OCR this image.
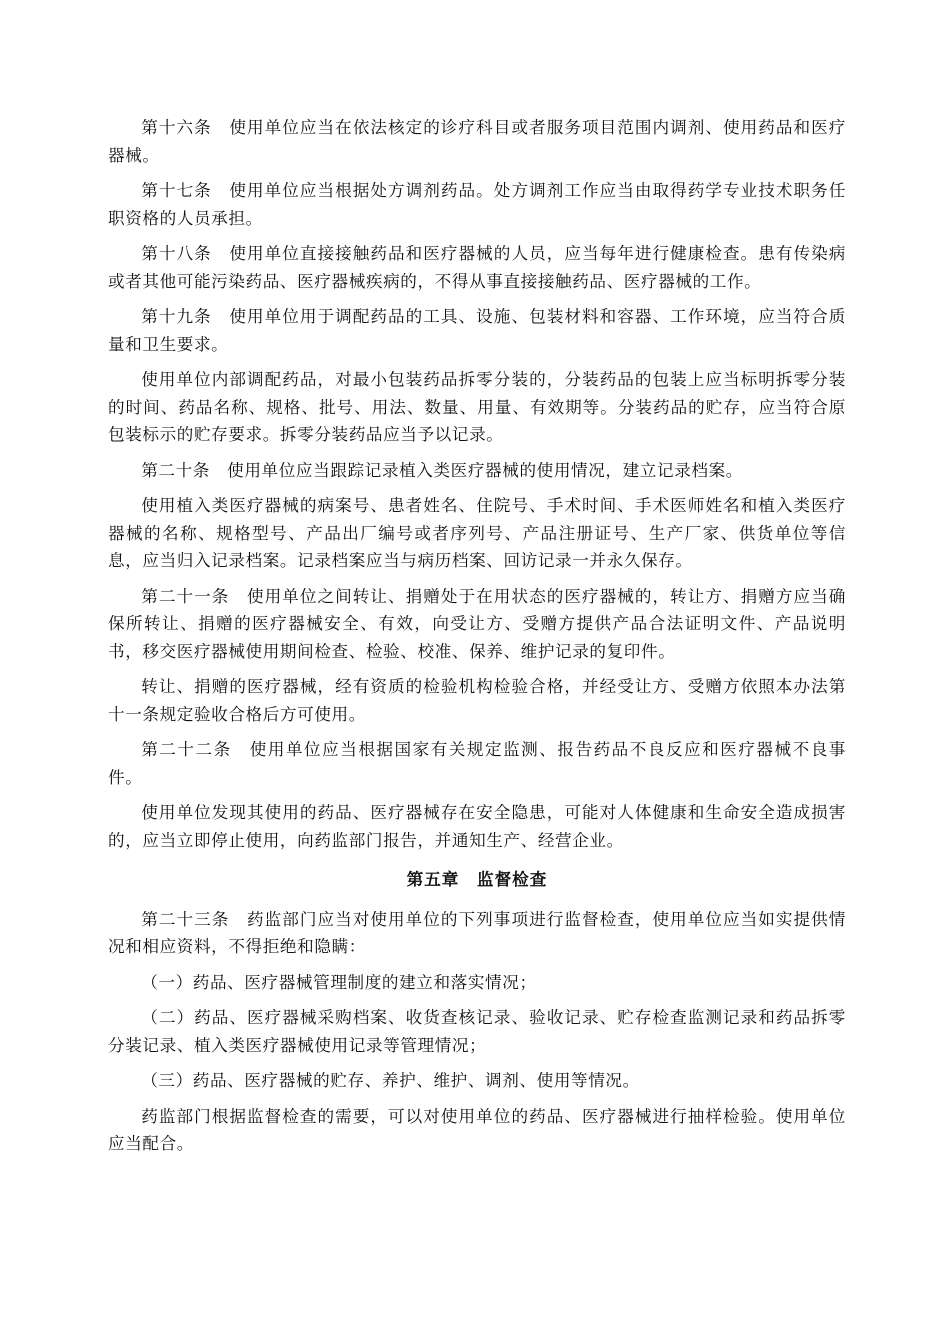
第十六条　使用单位应当在依法核定的诊疗科目或者服务项目范围内调剂、使用药品和医疗器械。

第十七条　使用单位应当根据处方调剂药品。处方调剂工作应当由取得药学专业技术职务任职资格的人员承担。

第十八条　使用单位直接接触药品和医疗器械的人员，应当每年进行健康检查。患有传染病或者其他可能污染药品、医疗器械疾病的，不得从事直接接触药品、医疗器械的工作。

第十九条　使用单位用于调配药品的工具、设施、包装材料和容器、工作环境，应当符合质量和卫生要求。

使用单位内部调配药品，对最小包装药品拆零分装的，分装药品的包装上应当标明拆零分装的时间、药品名称、规格、批号、用法、数量、用量、有效期等。分装药品的贮存，应当符合原包装标示的贮存要求。拆零分装药品应当予以记录。

第二十条　使用单位应当跟踪记录植入类医疗器械的使用情况，建立记录档案。

使用植入类医疗器械的病案号、患者姓名、住院号、手术时间、手术医师姓名和植入类医疗器械的名称、规格型号、产品出厂编号或者序列号、产品注册证号、生产厂家、供货单位等信息，应当归入记录档案。记录档案应当与病历档案、回访记录一并永久保存。

第二十一条　使用单位之间转让、捐赠处于在用状态的医疗器械的，转让方、捐赠方应当确保所转让、捐赠的医疗器械安全、有效，向受让方、受赠方提供产品合法证明文件、产品说明书，移交医疗器械使用期间检查、检验、校准、保养、维护记录的复印件。

转让、捐赠的医疗器械，经有资质的检验机构检验合格，并经受让方、受赠方依照本办法第十一条规定验收合格后方可使用。

第二十二条　使用单位应当根据国家有关规定监测、报告药品不良反应和医疗器械不良事件。

使用单位发现其使用的药品、医疗器械存在安全隐患，可能对人体健康和生命安全造成损害的，应当立即停止使用，向药监部门报告，并通知生产、经营企业。

第五章　监督检查

第二十三条　药监部门应当对使用单位的下列事项进行监督检查，使用单位应当如实提供情况和相应资料，不得拒绝和隐瞒：

（一）药品、医疗器械管理制度的建立和落实情况；

（二）药品、医疗器械采购档案、收货查核记录、验收记录、贮存检查监测记录和药品拆零分装记录、植入类医疗器械使用记录等管理情况；

（三）药品、医疗器械的贮存、养护、维护、调剂、使用等情况。

药监部门根据监督检查的需要，可以对使用单位的药品、医疗器械进行抽样检验。使用单位应当配合。
